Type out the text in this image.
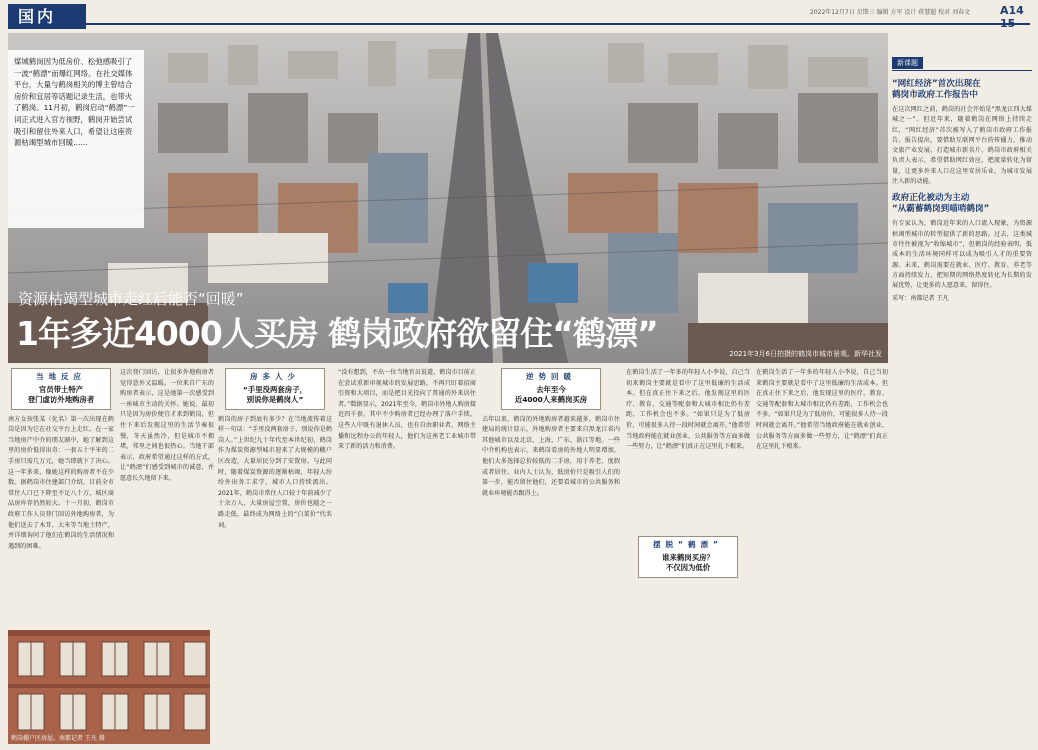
国内	2022年12月7日 星期三 编辑 方军 设计 蒋慧超 校对 刘春文	A14 15
2021年3月6日拍摄的鹤岗市城市景观。新华社发
煤城鹤岗因为低房价、松弛感吸引了一波“鹤漂”而爆红网络。在社交媒体平台，大量与鹤岗相关的博主曾结合房价和宜居等话题记录生活，也带火了鹤岗。11月初，鹤岗启动“鹤漂”一词正式进入官方视野，鹤岗开始尝试吸引和留住外来人口，希望让这座资源枯竭型城市回暖……
资源枯竭型城市走红后能否“回暖”
1年多近4000人买房 鹤岗政府欲留住“鹤漂”
新课题
“网红经济”首次出现在
鹤岗市政府工作报告中
在这次网红之前，鹤岗的社会开始是“黑龙江四大煤城之一”。但近年来，随着鹤岗在网络上持续走红，“网红经济”首次被写入了鹤岗市政府工作报告。报告提出，要借助互联网平台的传播力，推动文旅产业发展，打造城市新名片。鹤岗市政府相关负责人表示，希望借助网红效应，把流量转化为留量，让更多外来人口在这里安居乐业，为城市发展注入新的动能。
政府正化被动为主动
“从霸蓄鹤岗到喵哨鹤岗”
有专家认为，鹤岗近年来的人口流入现象，为资源枯竭型城市的转型提供了新的思路。过去，这类城市往往被视为“收缩城市”，但鹤岗的经验表明，低成本的生活环境同样可以成为吸引人才的重要资源。未来，鹤岗需要在就业、医疗、教育、养老等方面持续发力，把短期的网络热度转化为长期的发展优势，让更多的人愿意来、留得住。
采写：南都记者 王凡
当地反应
官员带土特产
登门虚访外地购房者
南方女孩张某（化名）第一次出现在鹤岗是因为它在社交平台上走红。在一家当地房产中介的朋友圈中，她了解到这里的房价低得出奇：一套五十平米的二手房只需几万元，她当即就下了决心。这一年多来，像她这样的购房者不在少数。据鹤岗市住建部门介绍，目前全市常住人口已下降至不足八十万，城区商品房库存仍然较大。十一月初，鹤岗市政府工作人员登门回访外地购房者，为他们送去了木耳、大米等当地土特产，并详细询问了他们在鹤岗的生活情况和遇到的困难。
这次登门回访，让很多外地购房者觉得意外又温暖。一位来自广东的购房者表示，这是她第一次感受到一座城市主动的关怀。她说，最初只是因为房价便宜才来到鹤岗，但住下来后发现这里的生活节奏很慢，冬天虽然冷，但是城市不拥堵，邻里之间也很热心。当地干部表示，政府希望通过这样的方式，让“鹤漂”们感受到城市的诚意，并愿意长久地留下来。
房多人少
“手里没两套房子，
别说你是鹤岗人”
鹤岗的房子到底有多少？在当地流传着这样一句话：“手里没两套房子，别说你是鹤岗人。”上世纪九十年代至本世纪初，鹤岗作为煤炭资源型城市迎来了大规模的棚户区改造，大量居民分到了安置房。与此同时，随着煤炭资源的逐渐枯竭，年轻人纷纷外出务工求学，城市人口持续流出。2021年，鹤岗市常住人口较十年前减少了十余万人，大量房屋空置，房价也随之一路走低，最终成为网络上的“白菜价”代名词。
“没有想到，不出一位当地官员说道，鹤岗市目前正在尝试重新审视城市的发展思路，不再只盯着招商引资和大项目，而是把目光投向了普通的外来居住者。”数据显示，2021年至今，鹤岗市外地人购房接近四千套，其中不少购房者已经办理了落户手续。这些人中既有退休人员，也有自由职业者、网络主播和远程办公的年轻人，他们为这座老工业城市带来了新的活力和消费。
逆势回暖
去年至今
近4000人来鹤岗买房
去年以来，鹤岗的外地购房者越来越多。鹤岗市住建局的统计显示，外地购房者主要来自黑龙江省内其他城市以及北京、上海、广东、浙江等地。一些中介机构也表示，来鹤岗看房的外地人明显增加，他们大多选择总价较低的二手房，用于养老、度假或者居住。业内人士认为，低房价只是吸引人们的第一步，能否留住他们，还要看城市的公共服务和就业环境能否跟得上。
在鹤岗生活了一年多的年轻人小李说，自己当初来鹤岗主要就是看中了这里低廉的生活成本。但在真正住下来之后，他发现这里的医疗、教育、交通等配套和大城市相比仍有差距，工作机会也不多。“如果只是为了低房价，可能很多人待一段时间就会离开。”他希望当地政府能在就业创业、公共服务等方面多做一些努力，让“鹤漂”们真正在这里扎下根来。
摆脱“鹤漂”
谁来鹤岗买房？
不仅因为低价
在鹤岗生活了一年多的年轻人小李说，自己当初来鹤岗主要就是看中了这里低廉的生活成本。但在真正住下来之后，他发现这里的医疗、教育、交通等配套和大城市相比仍有差距，工作机会也不多。“如果只是为了低房价，可能很多人待一段时间就会离开。”他希望当地政府能在就业创业、公共服务等方面多做一些努力，让“鹤漂”们真正在这里扎下根来。
鹤岗棚户区房屋。南都记者 王凡 摄
